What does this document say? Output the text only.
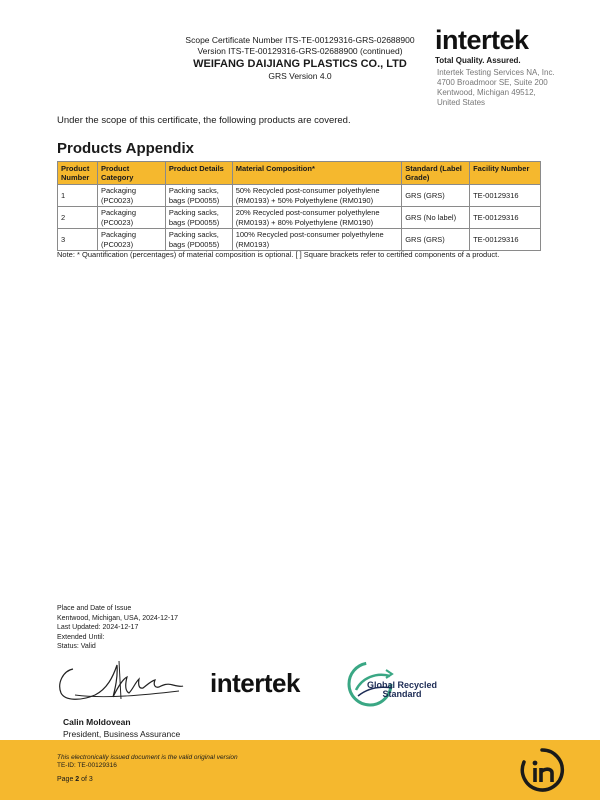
Scope Certificate Number ITS-TE-00129316-GRS-02688900
Version ITS-TE-00129316-GRS-02688900 (continued)
WEIFANG DAIJIANG PLASTICS CO., LTD
GRS Version 4.0
intertek
Total Quality. Assured.
Intertek Testing Services NA, Inc.
4700 Broadmoor SE, Suite 200
Kentwood, Michigan 49512,
United States
Under the scope of this certificate, the following products are covered.
Products Appendix
Product Number	Product Category	Product Details	Material Composition*	Standard (Label Grade)	Facility Number
1	Packaging (PC0023)	Packing sacks, bags (PD0055)	50% Recycled post-consumer polyethylene (RM0193) + 50% Polyethylene (RM0190)	GRS (GRS)	TE-00129316
2	Packaging (PC0023)	Packing sacks, bags (PD0055)	20% Recycled post-consumer polyethylene (RM0193) + 80% Polyethylene (RM0190)	GRS (No label)	TE-00129316
3	Packaging (PC0023)	Packing sacks, bags (PD0055)	100% Recycled post-consumer polyethylene (RM0193)	GRS (GRS)	TE-00129316
Note: * Quantification (percentages) of material composition is optional. [ ] Square brackets refer to certified components of a product.
Place and Date of Issue
Kentwood, Michigan, USA, 2024-12-17
Last Updated: 2024-12-17
Extended Until:
Status: Valid
intertek	Global Recycled
Standard
Calin Moldovean
President, Business Assurance
This electronically issued document is the valid original version
TE-ID: TE-00129316
Page 2 of 3
